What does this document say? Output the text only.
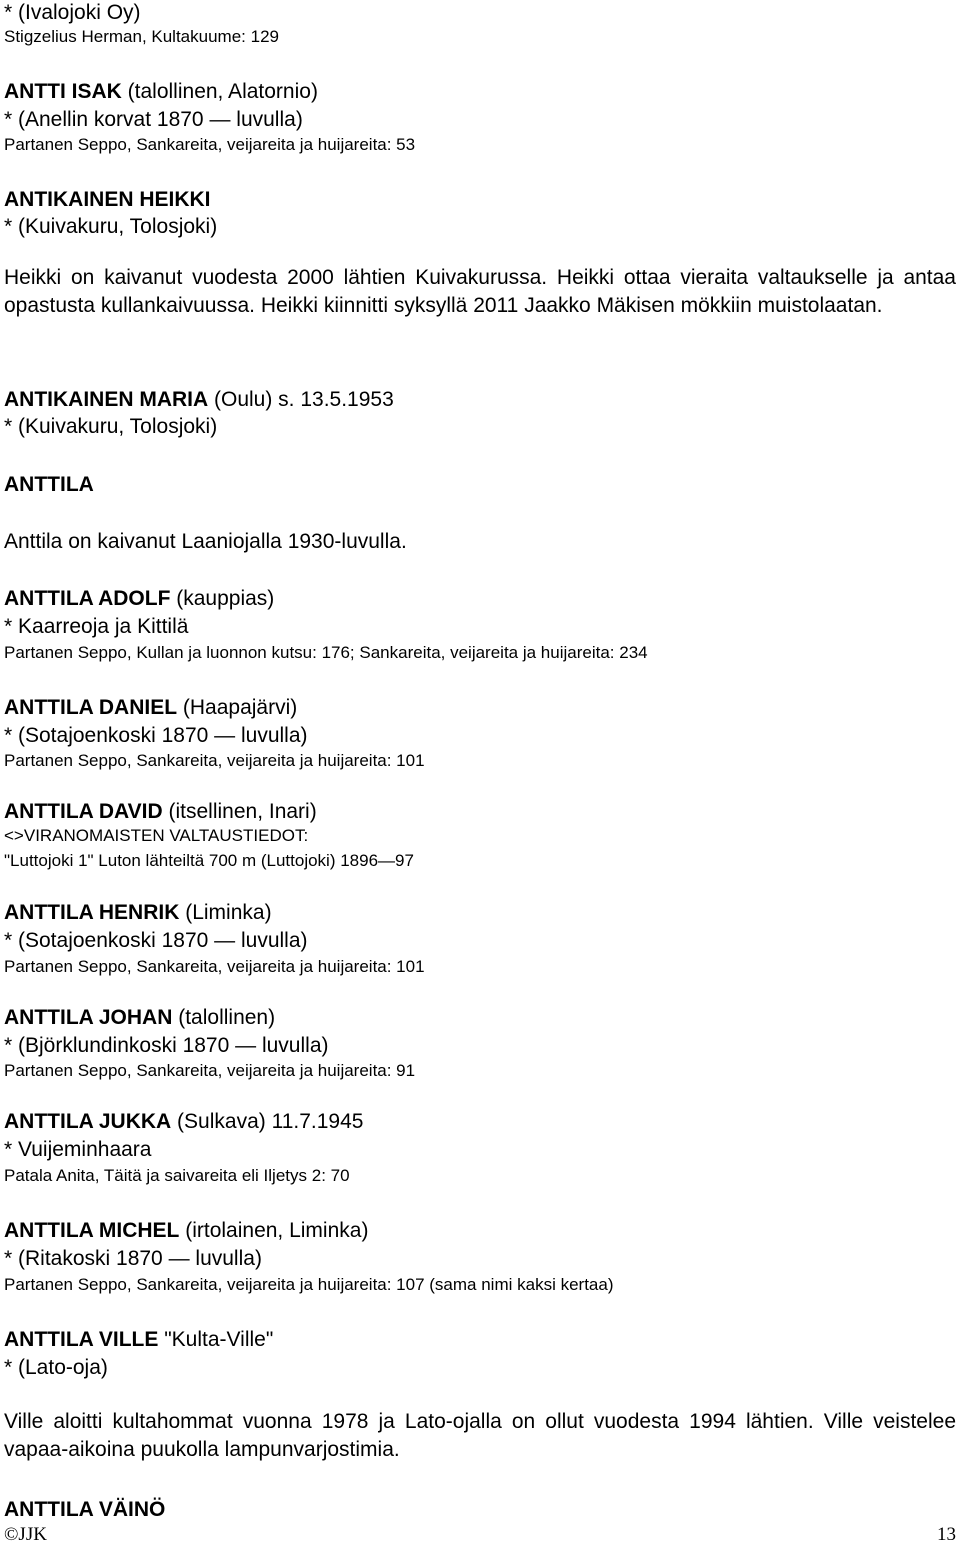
* (Ivalojoki Oy)
Stigzelius Herman, Kultakuume: 129
ANTTI ISAK (talollinen, Alatornio)
* (Anellin korvat 1870 — luvulla)
Partanen Seppo, Sankareita, veijareita ja huijareita: 53
ANTIKAINEN HEIKKI
* (Kuivakuru, Tolosjoki)
Heikki on kaivanut vuodesta 2000 lähtien Kuivakurussa. Heikki ottaa vieraita valtaukselle ja antaa opastusta kullankaivuussa. Heikki kiinnitti syksyllä 2011 Jaakko Mäkisen mökkiin muistolaatan.
ANTIKAINEN MARIA (Oulu) s. 13.5.1953
* (Kuivakuru, Tolosjoki)
ANTTILA
Anttila on kaivanut Laaniojalla 1930-luvulla.
ANTTILA ADOLF (kauppias)
* Kaarreoja ja Kittilä
Partanen Seppo, Kullan ja luonnon kutsu: 176; Sankareita, veijareita ja huijareita: 234
ANTTILA DANIEL (Haapajärvi)
* (Sotajoenkoski 1870 — luvulla)
Partanen Seppo, Sankareita, veijareita ja huijareita: 101
ANTTILA DAVID (itsellinen, Inari)
<>VIRANOMAISTEN VALTAUSTIEDOT:
"Luttojoki 1" Luton lähteiltä 700 m (Luttojoki) 1896—97
ANTTILA HENRIK (Liminka)
* (Sotajoenkoski 1870 — luvulla)
Partanen Seppo, Sankareita, veijareita ja huijareita: 101
ANTTILA JOHAN (talollinen)
* (Björklundinkoski 1870 — luvulla)
Partanen Seppo, Sankareita, veijareita ja huijareita: 91
ANTTILA JUKKA (Sulkava) 11.7.1945
* Vuijeminhaara
Patala Anita, Täitä ja saivareita eli Iljetys 2: 70
ANTTILA MICHEL (irtolainen, Liminka)
* (Ritakoski 1870 — luvulla)
Partanen Seppo, Sankareita, veijareita ja huijareita: 107 (sama nimi kaksi kertaa)
ANTTILA VILLE "Kulta-Ville"
* (Lato-oja)
Ville aloitti kultahommat vuonna 1978 ja Lato-ojalla on ollut vuodesta 1994 lähtien. Ville veistelee vapaa-aikoina puukolla lampunvarjostimia.
ANTTILA VÄINÖ
©JJK	13
